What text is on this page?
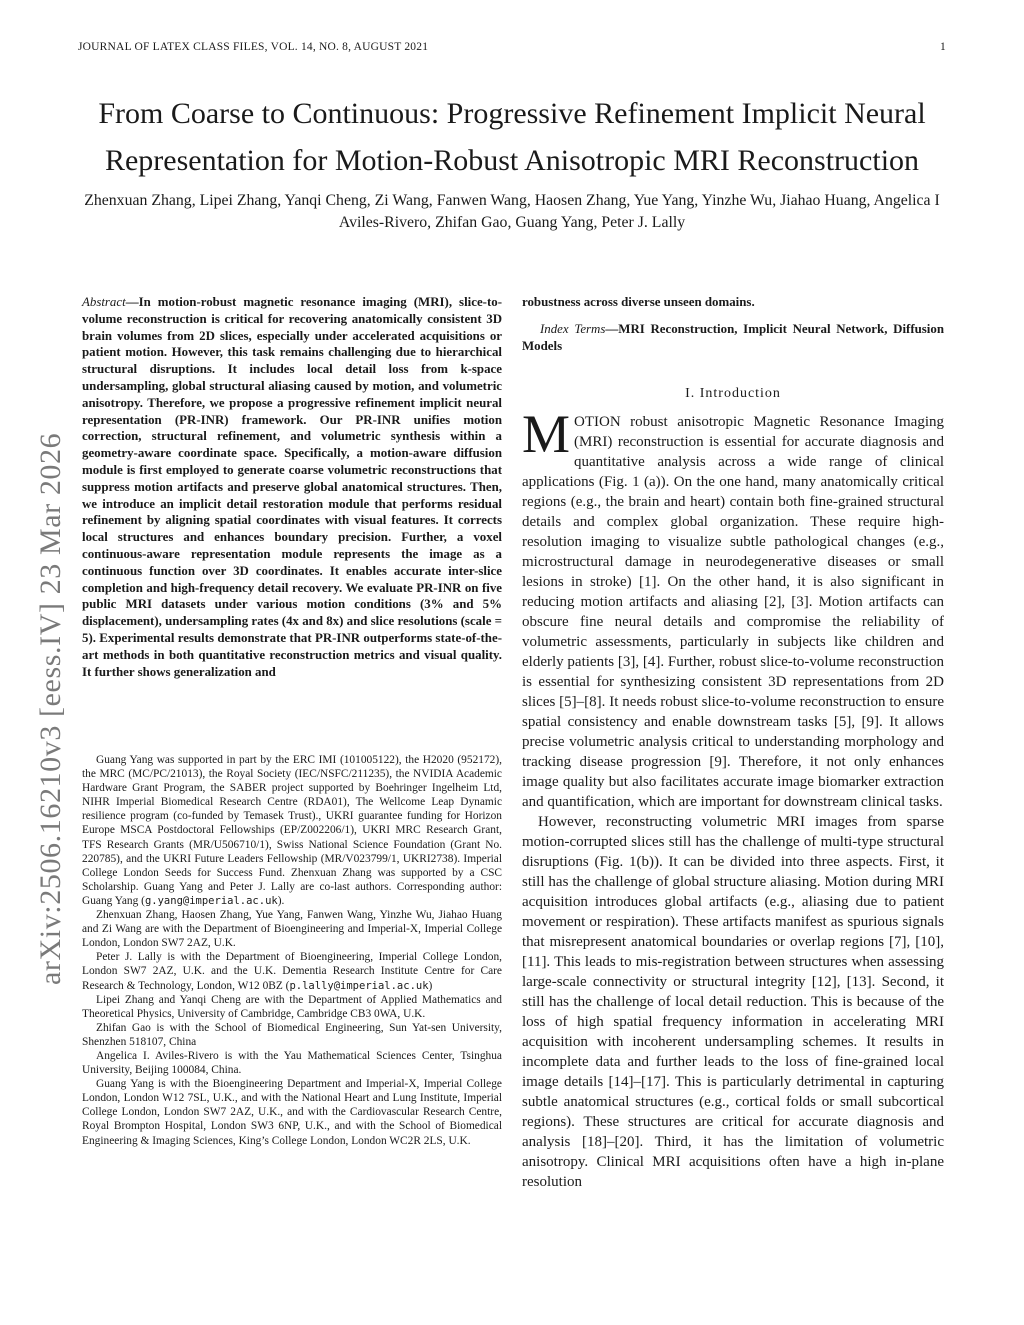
JOURNAL OF LATEX CLASS FILES, VOL. 14, NO. 8, AUGUST 2021	1
arXiv:2506.16210v3 [eess.IV] 23 Mar 2026
From Coarse to Continuous: Progressive Refinement Implicit Neural Representation for Motion-Robust Anisotropic MRI Reconstruction
Zhenxuan Zhang, Lipei Zhang, Yanqi Cheng, Zi Wang, Fanwen Wang, Haosen Zhang, Yue Yang, Yinzhe Wu, Jiahao Huang, Angelica I Aviles-Rivero, Zhifan Gao, Guang Yang, Peter J. Lally
Abstract—In motion-robust magnetic resonance imaging (MRI), slice-to-volume reconstruction is critical for recovering anatomically consistent 3D brain volumes from 2D slices, especially under accelerated acquisitions or patient motion. However, this task remains challenging due to hierarchical structural disruptions. It includes local detail loss from k-space undersampling, global structural aliasing caused by motion, and volumetric anisotropy. Therefore, we propose a progressive refinement implicit neural representation (PR-INR) framework. Our PR-INR unifies motion correction, structural refinement, and volumetric synthesis within a geometry-aware coordinate space. Specifically, a motion-aware diffusion module is first employed to generate coarse volumetric reconstructions that suppress motion artifacts and preserve global anatomical structures. Then, we introduce an implicit detail restoration module that performs residual refinement by aligning spatial coordinates with visual features. It corrects local structures and enhances boundary precision. Further, a voxel continuous-aware representation module represents the image as a continuous function over 3D coordinates. It enables accurate inter-slice completion and high-frequency detail recovery. We evaluate PR-INR on five public MRI datasets under various motion conditions (3% and 5% displacement), undersampling rates (4x and 8x) and slice resolutions (scale = 5). Experimental results demonstrate that PR-INR outperforms state-of-the-art methods in both quantitative reconstruction metrics and visual quality. It further shows generalization and
robustness across diverse unseen domains.
Index Terms—MRI Reconstruction, Implicit Neural Network, Diffusion Models
I. Introduction

MOTION robust anisotropic Magnetic Resonance Imaging (MRI) reconstruction is essential for accurate diagnosis and quantitative analysis across a wide range of clinical applications (Fig. 1 (a)). On the one hand, many anatomically critical regions (e.g., the brain and heart) contain both fine-grained structural details and complex global organization. These require high-resolution imaging to visualize subtle pathological changes (e.g., microstructural damage in neurodegenerative diseases or small lesions in stroke) [1]. On the other hand, it is also significant in reducing motion artifacts and aliasing [2], [3]. Motion artifacts can obscure fine neural details and compromise the reliability of volumetric assessments, particularly in subjects like children and elderly patients [3], [4]. Further, robust slice-to-volume reconstruction is essential for synthesizing consistent 3D representations from 2D slices [5]–[8]. It needs robust slice-to-volume reconstruction to ensure spatial consistency and enable downstream tasks [5], [9]. It allows precise volumetric analysis critical to understanding morphology and tracking disease progression [9]. Therefore, it not only enhances image quality but also facilitates accurate image biomarker extraction and quantification, which are important for downstream clinical tasks.

However, reconstructing volumetric MRI images from sparse motion-corrupted slices still has the challenge of multi-type structural disruptions (Fig. 1(b)). It can be divided into three aspects. First, it still has the challenge of global structure aliasing. Motion during MRI acquisition introduces global artifacts (e.g., aliasing due to patient movement or respiration). These artifacts manifest as spurious signals that misrepresent anatomical boundaries or overlap regions [7], [10], [11]. This leads to mis-registration between structures when assessing large-scale connectivity or structural integrity [12], [13]. Second, it still has the challenge of local detail reduction. This is because of the loss of high spatial frequency information in accelerating MRI acquisition with incoherent undersampling schemes. It results in incomplete data and further leads to the loss of fine-grained local image details [14]–[17]. This is particularly detrimental in capturing subtle anatomical structures (e.g., cortical folds or small subcortical regions). These structures are critical for accurate diagnosis and analysis [18]–[20]. Third, it has the limitation of volumetric anisotropy. Clinical MRI acquisitions often have a high in-plane resolution

Guang Yang was supported in part by the ERC IMI (101005122), the H2020 (952172), the MRC (MC/PC/21013), the Royal Society (IEC/NSFC/211235), the NVIDIA Academic Hardware Grant Program, the SABER project supported by Boehringer Ingelheim Ltd, NIHR Imperial Biomedical Research Centre (RDA01), The Wellcome Leap Dynamic resilience program (co-funded by Temasek Trust)., UKRI guarantee funding for Horizon Europe MSCA Postdoctoral Fellowships (EP/Z002206/1), UKRI MRC Research Grant, TFS Research Grants (MR/U506710/1), Swiss National Science Foundation (Grant No. 220785), and the UKRI Future Leaders Fellowship (MR/V023799/1, UKRI2738). Imperial College London Seeds for Success Fund. Zhenxuan Zhang was supported by a CSC Scholarship. Guang Yang and Peter J. Lally are co-last authors. Corresponding author: Guang Yang (g.yang@imperial.ac.uk).

Zhenxuan Zhang, Haosen Zhang, Yue Yang, Fanwen Wang, Yinzhe Wu, Jiahao Huang and Zi Wang are with the Department of Bioengineering and Imperial-X, Imperial College London, London SW7 2AZ, U.K.

Peter J. Lally is with the Department of Bioengineering, Imperial College London, London SW7 2AZ, U.K. and the U.K. Dementia Research Institute Centre for Care Research & Technology, London, W12 0BZ (p.lally@imperial.ac.uk)

Lipei Zhang and Yanqi Cheng are with the Department of Applied Mathematics and Theoretical Physics, University of Cambridge, Cambridge CB3 0WA, U.K.

Zhifan Gao is with the School of Biomedical Engineering, Sun Yat-sen University, Shenzhen 518107, China

Angelica I. Aviles-Rivero is with the Yau Mathematical Sciences Center, Tsinghua University, Beijing 100084, China.

Guang Yang is with the Bioengineering Department and Imperial-X, Imperial College London, London W12 7SL, U.K., and with the National Heart and Lung Institute, Imperial College London, London SW7 2AZ, U.K., and with the Cardiovascular Research Centre, Royal Brompton Hospital, London SW3 6NP, U.K., and with the School of Biomedical Engineering & Imaging Sciences, King’s College London, London WC2R 2LS, U.K.
